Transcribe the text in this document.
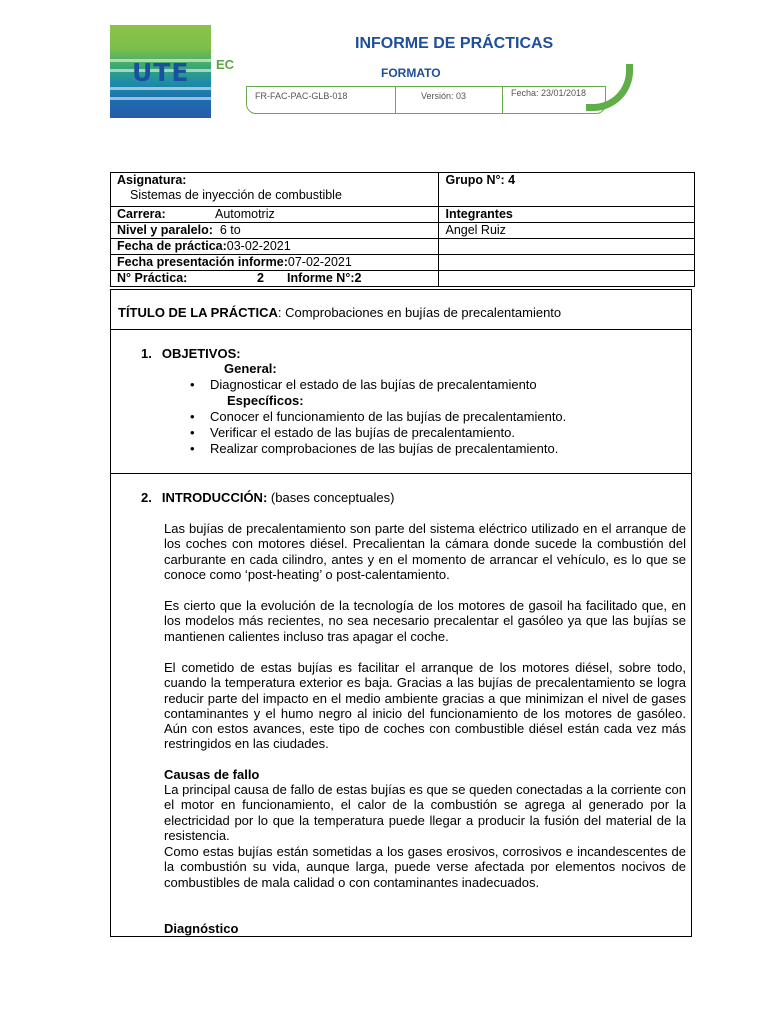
UTE EC
INFORME DE PRÁCTICAS
FORMATO
FR-FAC-PAC-GLB-018	Versión: 03	Fecha: 23/01/2018
Asignatura:
Sistemas de inyección de combustible	Grupo N°: 4
Carrera: Automotriz	Integrantes
Nivel y paralelo: 6 to	Angel Ruiz
Fecha de práctica:03-02-2021	
Fecha presentación informe:07-02-2021	
N° Práctica: 2 Informe N°:2	
TÍTULO DE LA PRÁCTICA: Comprobaciones en bujías de precalentamiento
1. OBJETIVOS:
General:
• Diagnosticar el estado de las bujías de precalentamiento
Específicos:
• Conocer el funcionamiento de las bujías de precalentamiento.
• Verificar el estado de las bujías de precalentamiento.
• Realizar comprobaciones de las bujías de precalentamiento.
2. INTRODUCCIÓN: (bases conceptuales)
Las bujías de precalentamiento son parte del sistema eléctrico utilizado en el arranque de los coches con motores diésel. Precalientan la cámara donde sucede la combustión del carburante en cada cilindro, antes y en el momento de arrancar el vehículo, es lo que se conoce como ‘post-heating’ o post-calentamiento.
Es cierto que la evolución de la tecnología de los motores de gasoil ha facilitado que, en los modelos más recientes, no sea necesario precalentar el gasóleo ya que las bujías se mantienen calientes incluso tras apagar el coche.
El cometido de estas bujías es facilitar el arranque de los motores diésel, sobre todo, cuando la temperatura exterior es baja. Gracias a las bujías de precalentamiento se logra reducir parte del impacto en el medio ambiente gracias a que minimizan el nivel de gases contaminantes y el humo negro al inicio del funcionamiento de los motores de gasóleo. Aún con estos avances, este tipo de coches con combustible diésel están cada vez más restringidos en las ciudades.
Causas de fallo
La principal causa de fallo de estas bujías es que se queden conectadas a la corriente con el motor en funcionamiento, el calor de la combustión se agrega al generado por la electricidad por lo que la temperatura puede llegar a producir la fusión del material de la resistencia.
Como estas bujías están sometidas a los gases erosivos, corrosivos e incandescentes de la combustión su vida, aunque larga, puede verse afectada por elementos nocivos de combustibles de mala calidad o con contaminantes inadecuados.
Diagnóstico
